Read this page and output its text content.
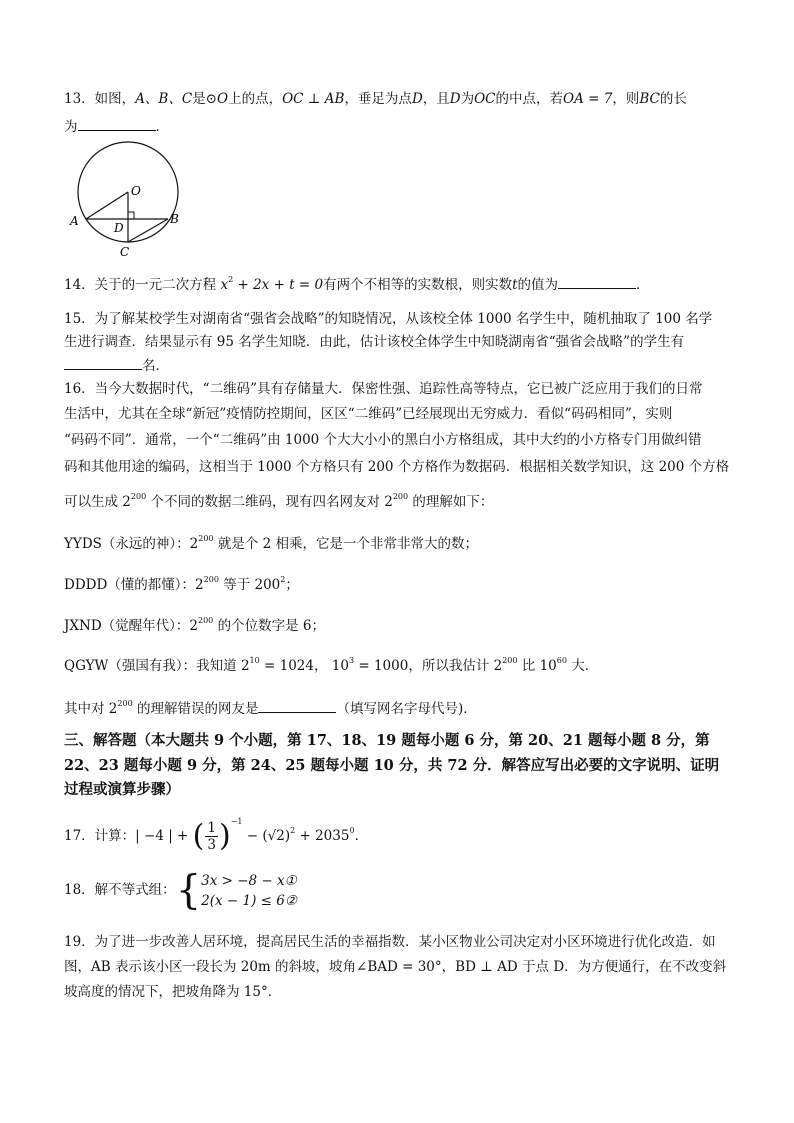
13．如图，A、B、C是⊙O上的点，OC ⊥ AB，垂足为点D，且D为OC的中点，若OA = 7，则BC的长
为	．
O
A	B
C
D
14．关于的一元二次方程 $x^2 + 2x + t = 0$有两个不相等的实数根，则实数t的值为	．
15．为了解某校学生对湖南省“强省会战略”的知晓情况，从该校全体 1000 名学生中，随机抽取了 100 名学
生进行调查．结果显示有 95 名学生知晓．由此，估计该校全体学生中知晓湖南省“强省会战略”的学生有
名．
16．当今大数据时代，“二维码”具有存储量大．保密性强、追踪性高等特点，它已被广泛应用于我们的日常
生活中，尤其在全球“新冠”疫情防控期间，区区“二维码”已经展现出无穷威力．看似“码码相同”，实则
“码码不同”．通常，一个“二维码”由 1000 个大大小小的黑白小方格组成，其中大约的小方格专门用做纠错
码和其他用途的编码，这相当于 1000 个方格只有 200 个方格作为数据码．根据相关数学知识，这 200 个方格
可以生成 $2^{200}$ 个不同的数据二维码，现有四名网友对 $2^{200}$ 的理解如下：
YYDS（永远的神）：$2^{200}$ 就是个 2 相乘，它是一个非常非常大的数；
DDDD（懂的都懂）：$2^{200}$ 等于 $200^2$；
JXND（觉醒年代）：$2^{200}$ 的个位数字是 6；
QGYW（强国有我）：我知道 $2^{10} = 1024$， $10^3 = 1000$，所以我估计 $2^{200}$ 比 $10^{60}$ 大．
其中对 $2^{200}$ 的理解错误的网友是	（填写网名字母代号)．
三、解答题（本大题共 9 个小题，第 17、18、19 题每小题 6 分，第 20、21 题每小题 8 分，第
22、23 题每小题 9 分，第 24、25 题每小题 10 分，共 72 分．解答应写出必要的文字说明、证明
过程或演算步骤）
17．计算：| −4 | + ( $\frac{1}{3} )^{-1} - (√2)^2 + 2035^0$．
18．解不等式组：{ 3x > −8 − x①
2(x − 1) ≤ 6②
19．为了进一步改善人居环境，提高居民生活的幸福指数．某小区物业公司决定对小区环境进行优化改造．如
图，AB 表示该小区一段长为 20m 的斜坡，坡角∠BAD = 30°，BD ⊥ AD 于点 D．为方便通行，在不改变斜
坡高度的情况下，把坡角降为 15°．
